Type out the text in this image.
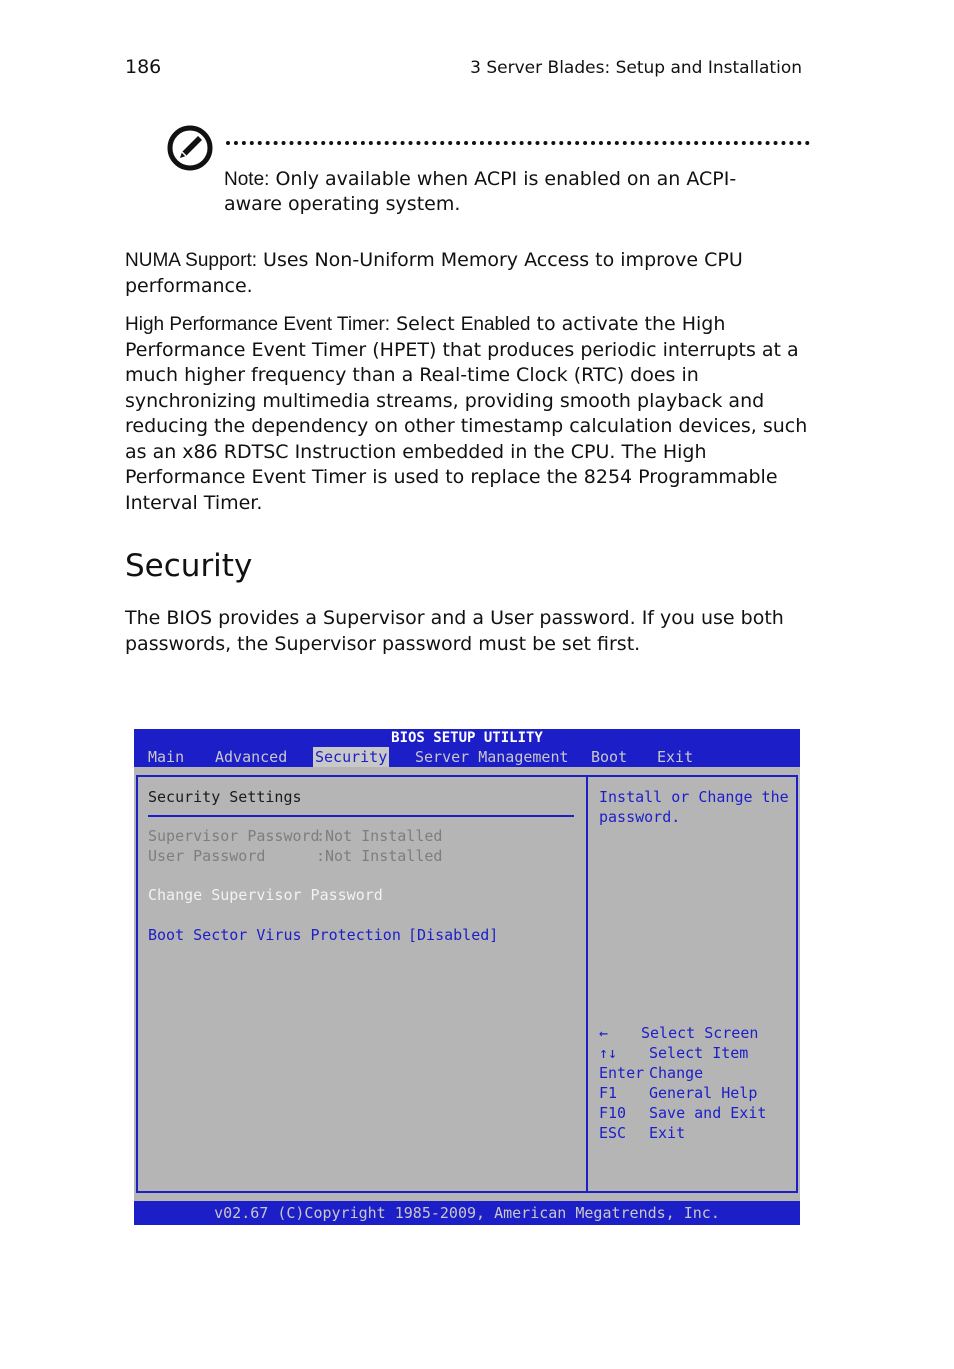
186	3 Server Blades: Setup and Installation
Note: Only available when ACPI is enabled on an ACPI-aware operating system.

NUMA Support: Uses Non-Uniform Memory Access to improve CPU performance.

High Performance Event Timer: Select Enabled to activate the High Performance Event Timer (HPET) that produces periodic interrupts at a much higher frequency than a Real-time Clock (RTC) does in synchronizing multimedia streams, providing smooth playback and reducing the dependency on other timestamp calculation devices, such as an x86 RDTSC Instruction embedded in the CPU. The High Performance Event Timer is used to replace the 8254 Programmable Interval Timer.

Security

The BIOS provides a Supervisor and a User password. If you use both passwords, the Supervisor password must be set first.

BIOS SETUP UTILITY
Main Advanced Security Server Management Boot Exit
Security Settings
Supervisor Password
:Not Installed
User Password	:Not Installed
Change Supervisor Password
Boot Sector Virus Protection [Disabled]
Install or Change the
password.
← Select Screen
↑↓ Select Item
Enter Change
F1 General Help
F10 Save and Exit
ESC Exit
v02.67 (C)Copyright 1985-2009, American Megatrends, Inc.
